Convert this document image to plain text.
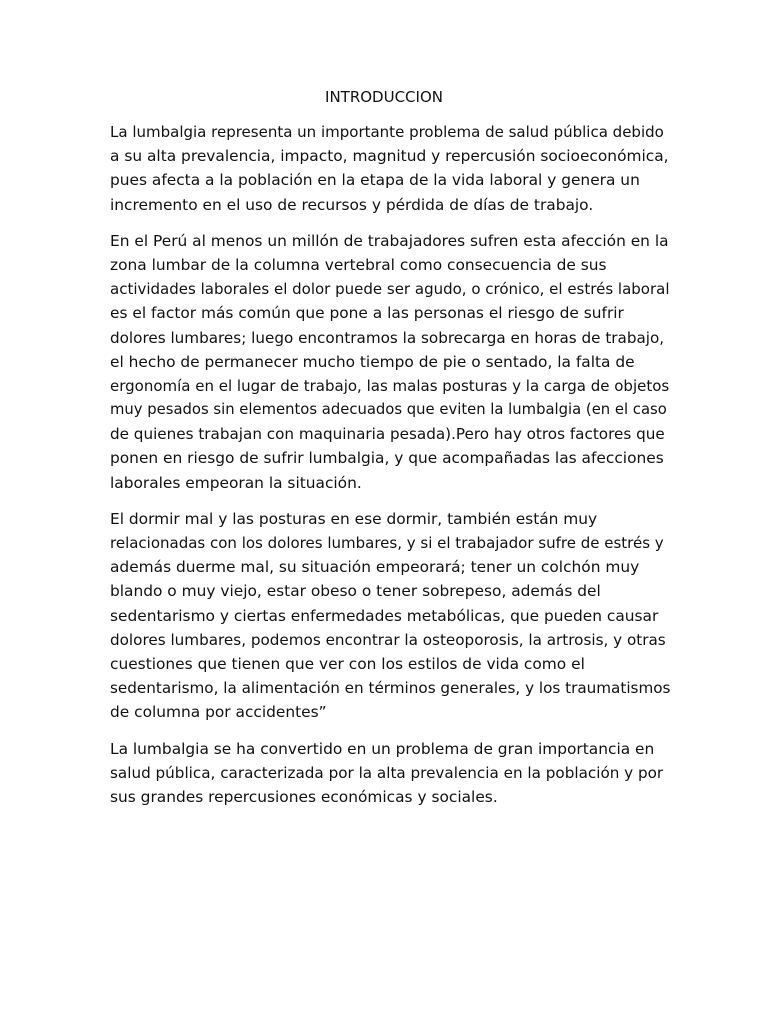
INTRODUCCION

La lumbalgia representa un importante problema de salud pública debido
a su alta prevalencia, impacto, magnitud y repercusión socioeconómica,
pues afecta a la población en la etapa de la vida laboral y genera un
incremento en el uso de recursos y pérdida de días de trabajo.

En el Perú al menos un millón de trabajadores sufren esta afección en la
zona lumbar de la columna vertebral como consecuencia de sus
actividades laborales el dolor puede ser agudo, o crónico, el estrés laboral
es el factor más común que pone a las personas el riesgo de sufrir
dolores lumbares; luego encontramos la sobrecarga en horas de trabajo,
el hecho de permanecer mucho tiempo de pie o sentado, la falta de
ergonomía en el lugar de trabajo, las malas posturas y la carga de objetos
muy pesados sin elementos adecuados que eviten la lumbalgia (en el caso
de quienes trabajan con maquinaria pesada).Pero hay otros factores que
ponen en riesgo de sufrir lumbalgia, y que acompañadas las afecciones
laborales empeoran la situación.

El dormir mal y las posturas en ese dormir, también están muy
relacionadas con los dolores lumbares, y si el trabajador sufre de estrés y
además duerme mal, su situación empeorará; tener un colchón muy
blando o muy viejo, estar obeso o tener sobrepeso, además del
sedentarismo y ciertas enfermedades metabólicas, que pueden causar
dolores lumbares, podemos encontrar la osteoporosis, la artrosis, y otras
cuestiones que tienen que ver con los estilos de vida como el
sedentarismo, la alimentación en términos generales, y los traumatismos
de columna por accidentes”

La lumbalgia se ha convertido en un problema de gran importancia en
salud pública, caracterizada por la alta prevalencia en la población y por
sus grandes repercusiones económicas y sociales.
